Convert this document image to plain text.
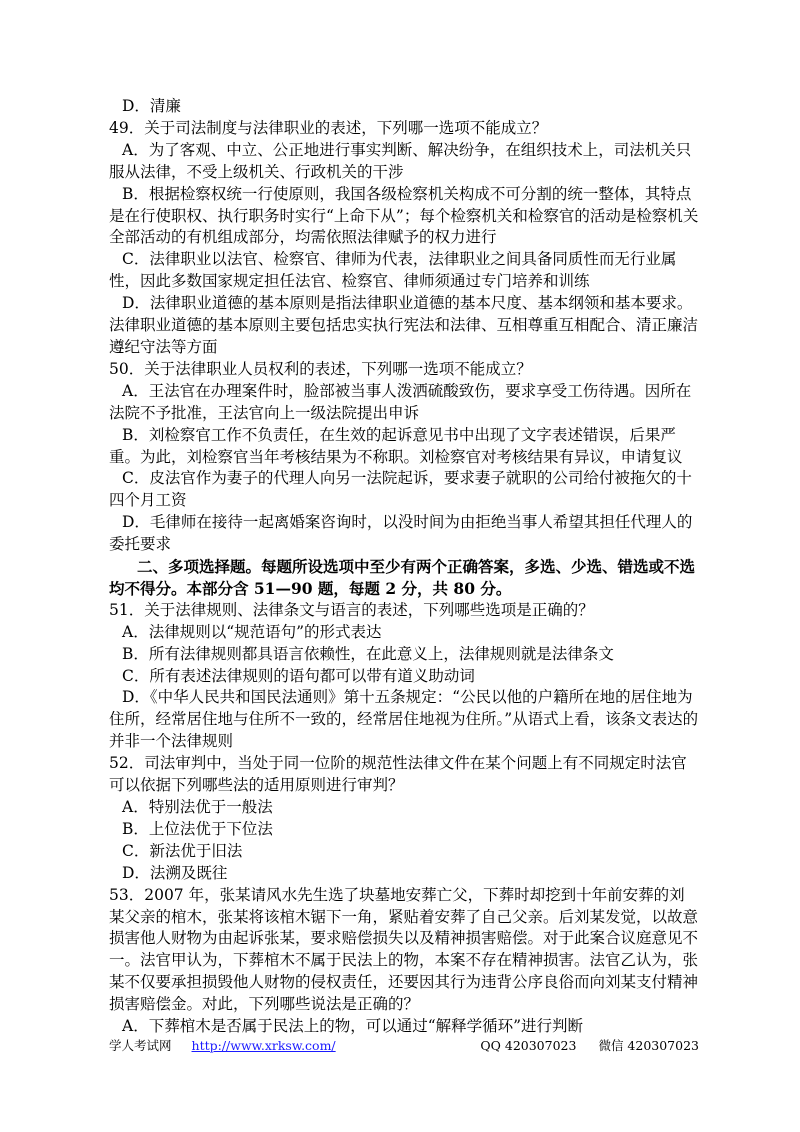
D．清廉

49．关于司法制度与法律职业的表述，下列哪一选项不能成立？

A．为了客观、中立、公正地进行事实判断、解决纷争，在组织技术上，司法机关只服从法律，不受上级机关、行政机关的干涉

B．根据检察权统一行使原则，我国各级检察机关构成不可分割的统一整体，其特点是在行使职权、执行职务时实行“上命下从”；每个检察机关和检察官的活动是检察机关全部活动的有机组成部分，均需依照法律赋予的权力进行

C．法律职业以法官、检察官、律师为代表，法律职业之间具备同质性而无行业属性，因此多数国家规定担任法官、检察官、律师须通过专门培养和训练

D．法律职业道德的基本原则是指法律职业道德的基本尺度、基本纲领和基本要求。法律职业道德的基本原则主要包括忠实执行宪法和法律、互相尊重互相配合、清正廉洁遵纪守法等方面

50．关于法律职业人员权利的表述，下列哪一选项不能成立？

A．王法官在办理案件时，脸部被当事人泼洒硫酸致伤，要求享受工伤待遇。因所在法院不予批准，王法官向上一级法院提出申诉

B．刘检察官工作不负责任，在生效的起诉意见书中出现了文字表述错误，后果严重。为此，刘检察官当年考核结果为不称职。刘检察官对考核结果有异议，申请复议

C．皮法官作为妻子的代理人向另一法院起诉，要求妻子就职的公司给付被拖欠的十四个月工资

D．毛律师在接待一起离婚案咨询时，以没时间为由拒绝当事人希望其担任代理人的委托要求

二、多项选择题。每题所设选项中至少有两个正确答案，多选、少选、错选或不选均不得分。本部分含 51—90 题，每题 2 分，共 80 分。

51．关于法律规则、法律条文与语言的表述，下列哪些选项是正确的？

A．法律规则以“规范语句”的形式表达

B．所有法律规则都具语言依赖性，在此意义上，法律规则就是法律条文

C．所有表述法律规则的语句都可以带有道义助动词

D．《中华人民共和国民法通则》第十五条规定：“公民以他的户籍所在地的居住地为住所，经常居住地与住所不一致的，经常居住地视为住所。”从语式上看，该条文表达的并非一个法律规则

52．司法审判中，当处于同一位阶的规范性法律文件在某个问题上有不同规定时法官可以依据下列哪些法的适用原则进行审判？

A．特别法优于一般法

B．上位法优于下位法

C．新法优于旧法

D．法溯及既往

53．2007 年，张某请风水先生选了块墓地安葬亡父，下葬时却挖到十年前安葬的刘某父亲的棺木，张某将该棺木锯下一角，紧贴着安葬了自己父亲。后刘某发觉，以故意损害他人财物为由起诉张某，要求赔偿损失以及精神损害赔偿。对于此案合议庭意见不一。法官甲认为，下葬棺木不属于民法上的物，本案不存在精神损害。法官乙认为，张某不仅要承担损毁他人财物的侵权责任，还要因其行为违背公序良俗而向刘某支付精神损害赔偿金。对此，下列哪些说法是正确的？

A．下葬棺木是否属于民法上的物，可以通过“解释学循环”进行判断

学人考试网 http://www.xrksw.com/	QQ 420307023 微信 420307023
